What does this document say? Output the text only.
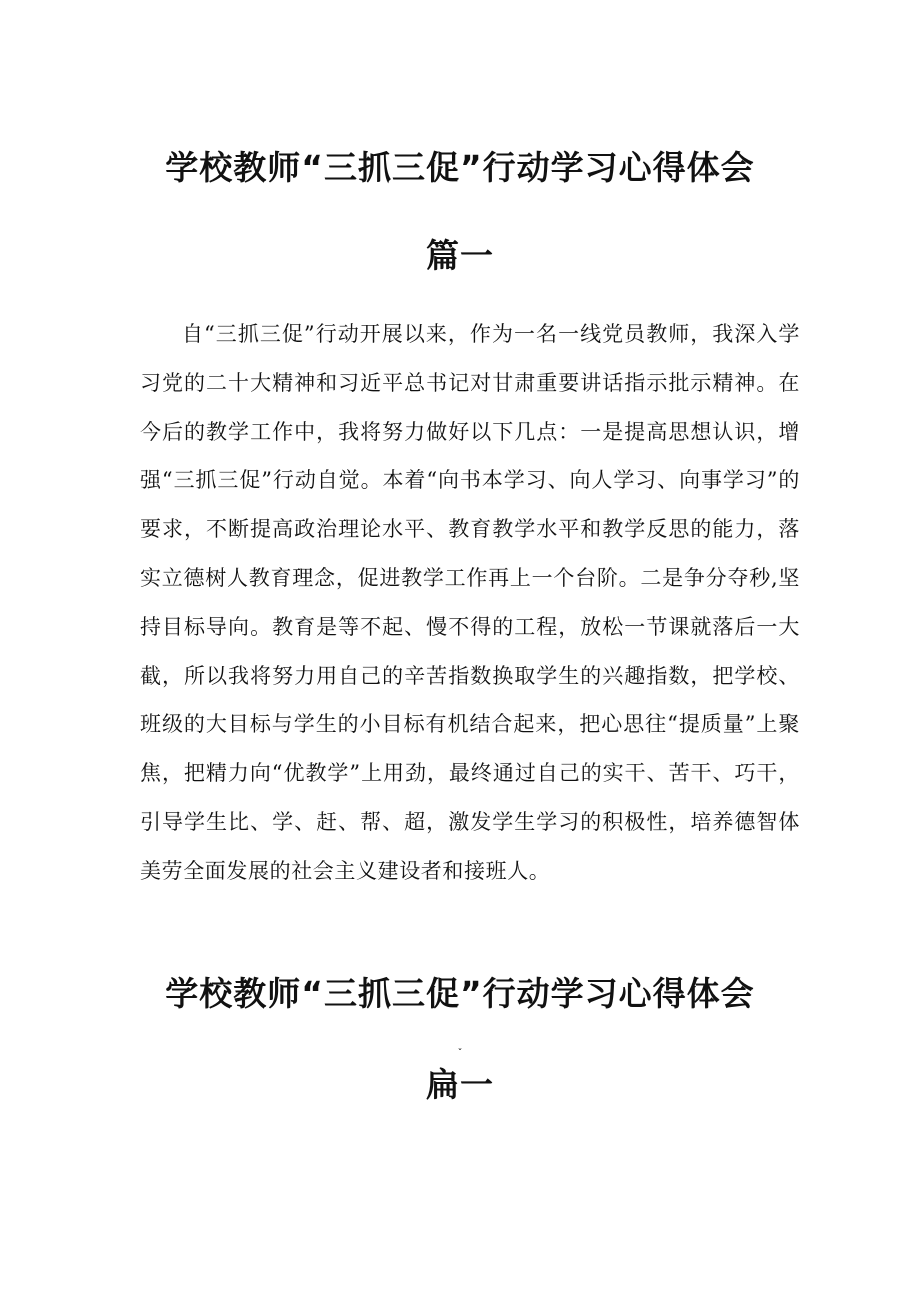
学校教师“三抓三促”行动学习心得体会
篇一

自“三抓三促”行动开展以来，作为一名一线党员教师，我深入学习党的二十大精神和习近平总书记对甘肃重要讲话指示批示精神。在今后的教学工作中，我将努力做好以下几点：一是提高思想认识，增强“三抓三促”行动自觉。本着“向书本学习、向人学习、向事学习”的要求，不断提高政治理论水平、教育教学水平和教学反思的能力，落实立德树人教育理念，促进教学工作再上一个台阶。二是争分夺秒,坚持目标导向。教育是等不起、慢不得的工程，放松一节课就落后一大截，所以我将努力用自己的辛苦指数换取学生的兴趣指数，把学校、班级的大目标与学生的小目标有机结合起来，把心思往“提质量”上聚焦，把精力向“优教学”上用劲，最终通过自己的实干、苦干、巧干，引导学生比、学、赶、帮、超，激发学生学习的积极性，培养德智体美劳全面发展的社会主义建设者和接班人。

学校教师“三抓三促”行动学习心得体会
ˇ
扁一
